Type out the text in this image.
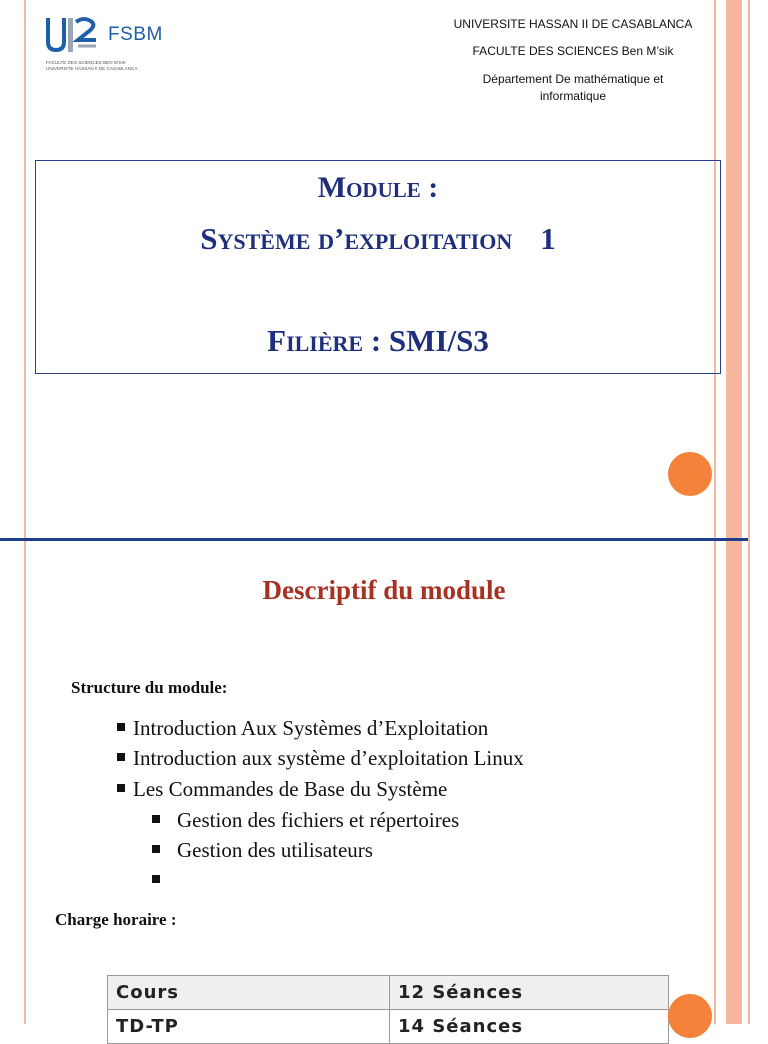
FSBM
FACULTE DES SCIENCES BEN M'SIK
UNIVERSITE HASSAN II DE CASABLANCA
UNIVERSITE HASSAN II DE CASABLANCA
FACULTE DES SCIENCES Ben M’sik
Département De mathématique et
informatique
Module :
Système d’exploitation 1
Filière : SMI/S3
Descriptif du module
Structure du module:
Introduction Aux Systèmes d’Exploitation
Introduction aux système d’exploitation Linux
Les Commandes de Base du Système
Gestion des fichiers et répertoires
Gestion des utilisateurs
Charge horaire :
Cours	12 Séances
TD-TP	14 Séances
